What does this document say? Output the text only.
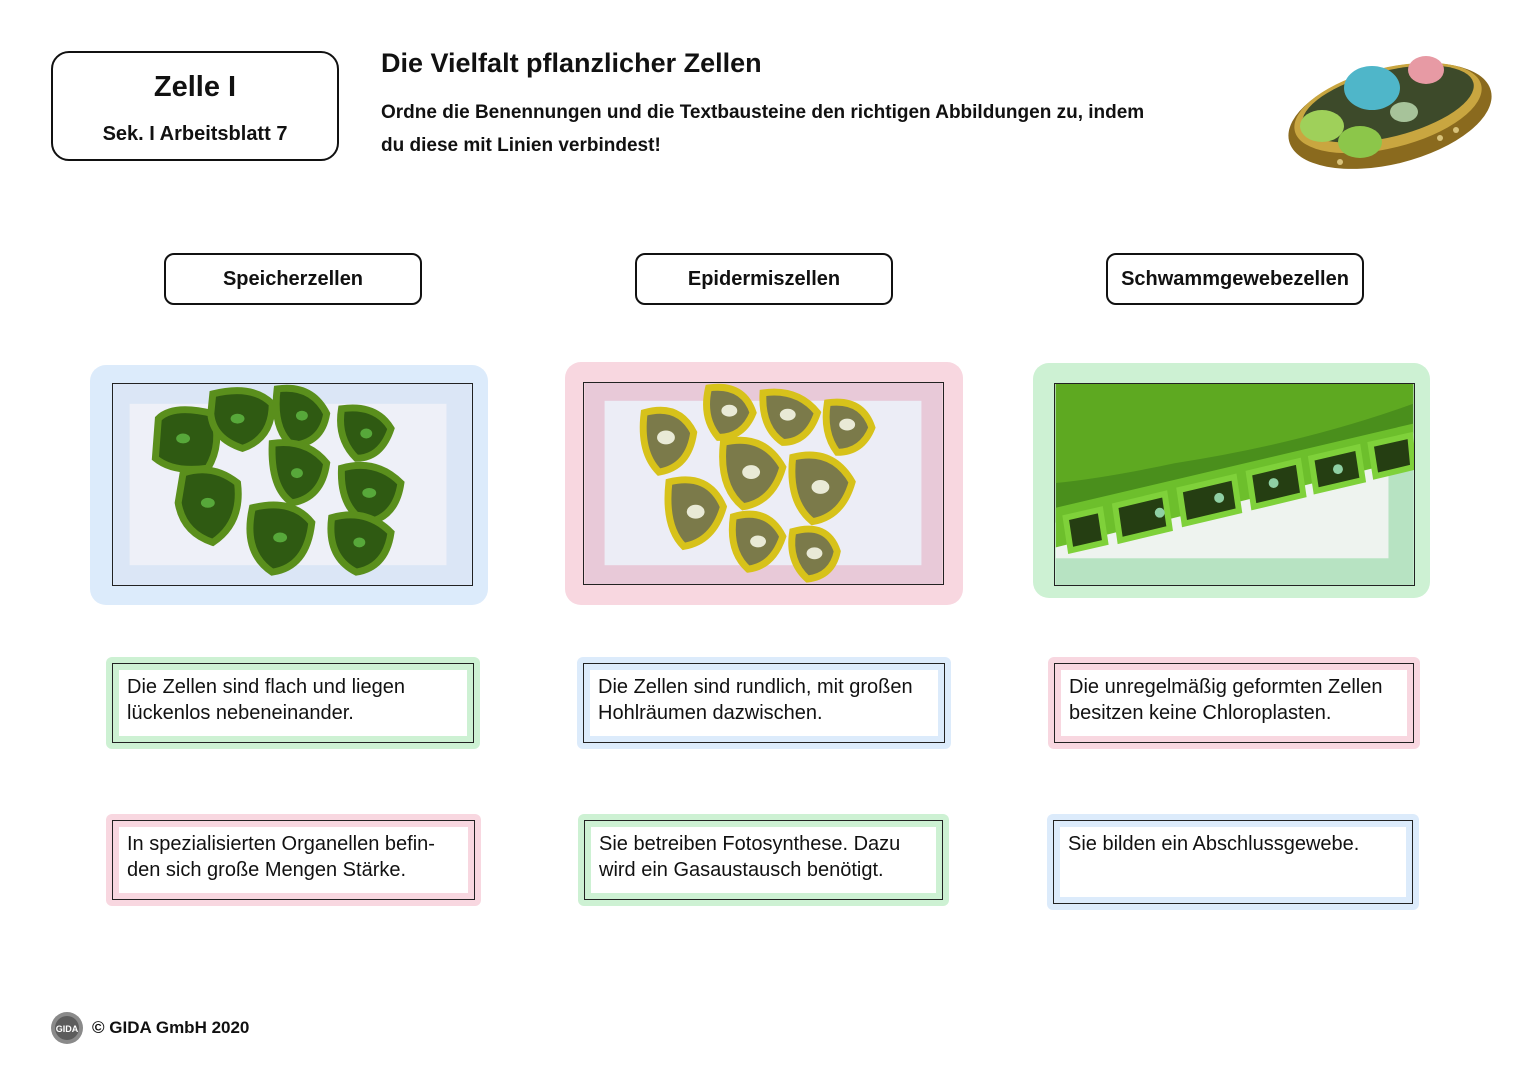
Zelle I
Sek. I Arbeitsblatt 7
Die Vielfalt pflanzlicher Zellen
Ordne die Benennungen und die Textbausteine den richtigen Abbildungen zu, indem du diese mit Linien verbindest!
Speicherzellen	Epidermiszellen	Schwammgewebezellen
Die Zellen sind flach und liegen lückenlos nebeneinander.
Die Zellen sind rundlich, mit großen Hohlräumen dazwischen.
Die unregelmäßig geformten Zellen besitzen keine Chloroplasten.
In spezialisierten Organellen befin-den sich große Mengen Stärke.
Sie betreiben Fotosynthese. Dazu wird ein Gasaustausch benötigt.
Sie bilden ein Abschlussgewebe.
GIDA © GIDA GmbH 2020
